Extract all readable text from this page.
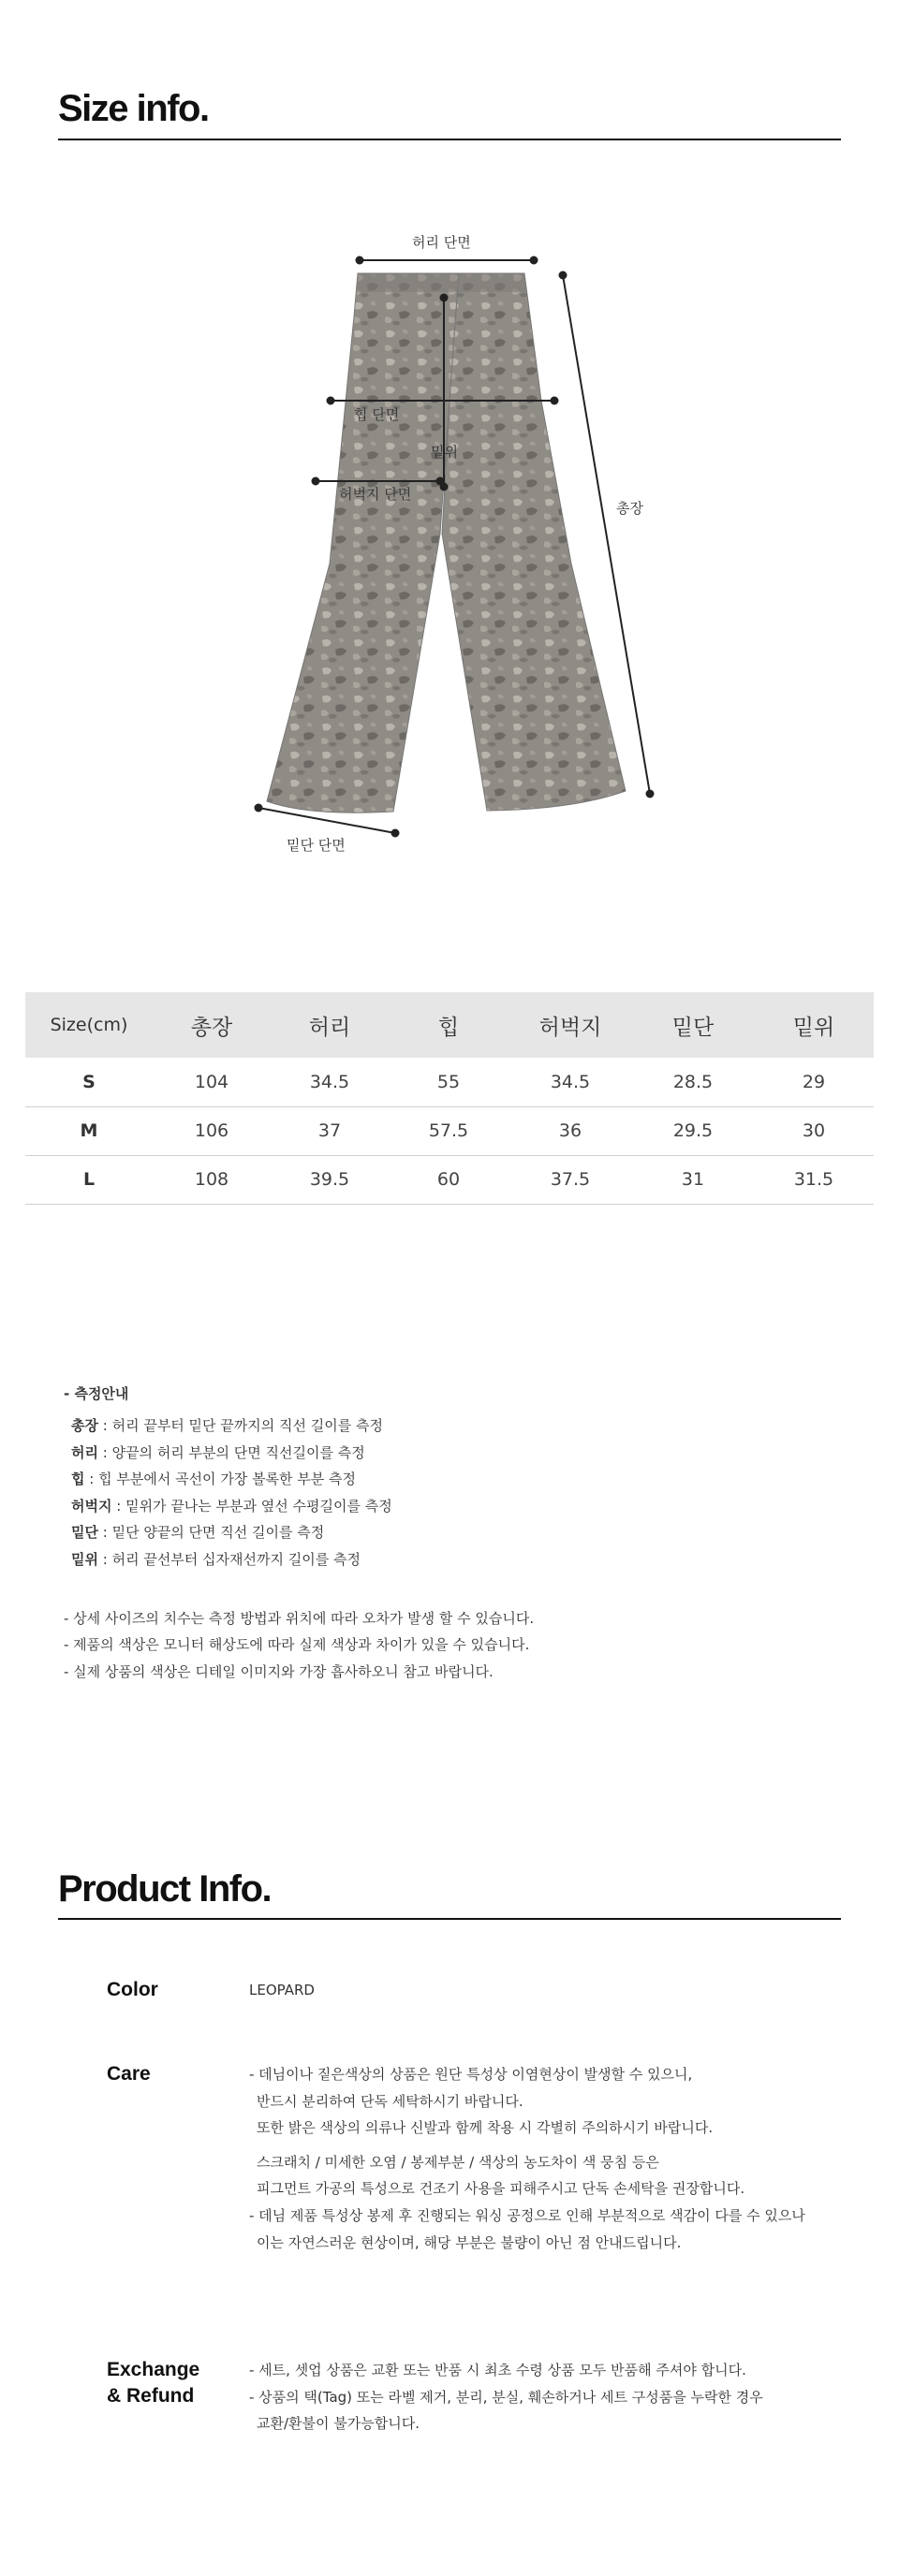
Size info.
허리 단면
힙 단면
밑위
허벅지 단면
총장
밑단 단면
Size(cm)	총장	허리	힙	허벅지	밑단	밑위
S	104	34.5	55	34.5	28.5	29
M	106	37	57.5	36	29.5	30
L	108	39.5	60	37.5	31	31.5
- 측정안내
총장 : 허리 끝부터 밑단 끝까지의 직선 길이를 측정
허리 : 양끝의 허리 부분의 단면 직선길이를 측정
힙 : 힙 부분에서 곡선이 가장 볼록한 부분 측정
허벅지 : 밑위가 끝나는 부분과 옆선 수평길이를 측정
밑단 : 밑단 양끝의 단면 직선 길이를 측정
밑위 : 허리 끝선부터 십자재선까지 길이를 측정
- 상세 사이즈의 치수는 측정 방법과 위치에 따라 오차가 발생 할 수 있습니다.
- 제품의 색상은 모니터 해상도에 따라 실제 색상과 차이가 있을 수 있습니다.
- 실제 상품의 색상은 디테일 이미지와 가장 흡사하오니 참고 바랍니다.
Product Info.
Color	LEOPARD
Care	- 데님이나 짙은색상의 상품은 원단 특성상 이염현상이 발생할 수 있으니,
반드시 분리하여 단독 세탁하시기 바랍니다.
또한 밝은 색상의 의류나 신발과 함께 착용 시 각별히 주의하시기 바랍니다.
스크래치 / 미세한 오염 / 봉제부분 / 색상의 농도차이 색 뭉침 등은
피그먼트 가공의 특성으로 건조기 사용을 피해주시고 단독 손세탁을 권장합니다.
- 데님 제품 특성상 봉제 후 진행되는 워싱 공정으로 인해 부분적으로 색감이 다를 수 있으나
이는 자연스러운 현상이며, 해당 부분은 불량이 아닌 점 안내드립니다.
Exchange
& Refund
- 세트, 셋업 상품은 교환 또는 반품 시 최초 수령 상품 모두 반품해 주셔야 합니다.
- 상품의 택(Tag) 또는 라벨 제거, 분리, 분실, 훼손하거나 세트 구성품을 누락한 경우
교환/환불이 불가능합니다.
